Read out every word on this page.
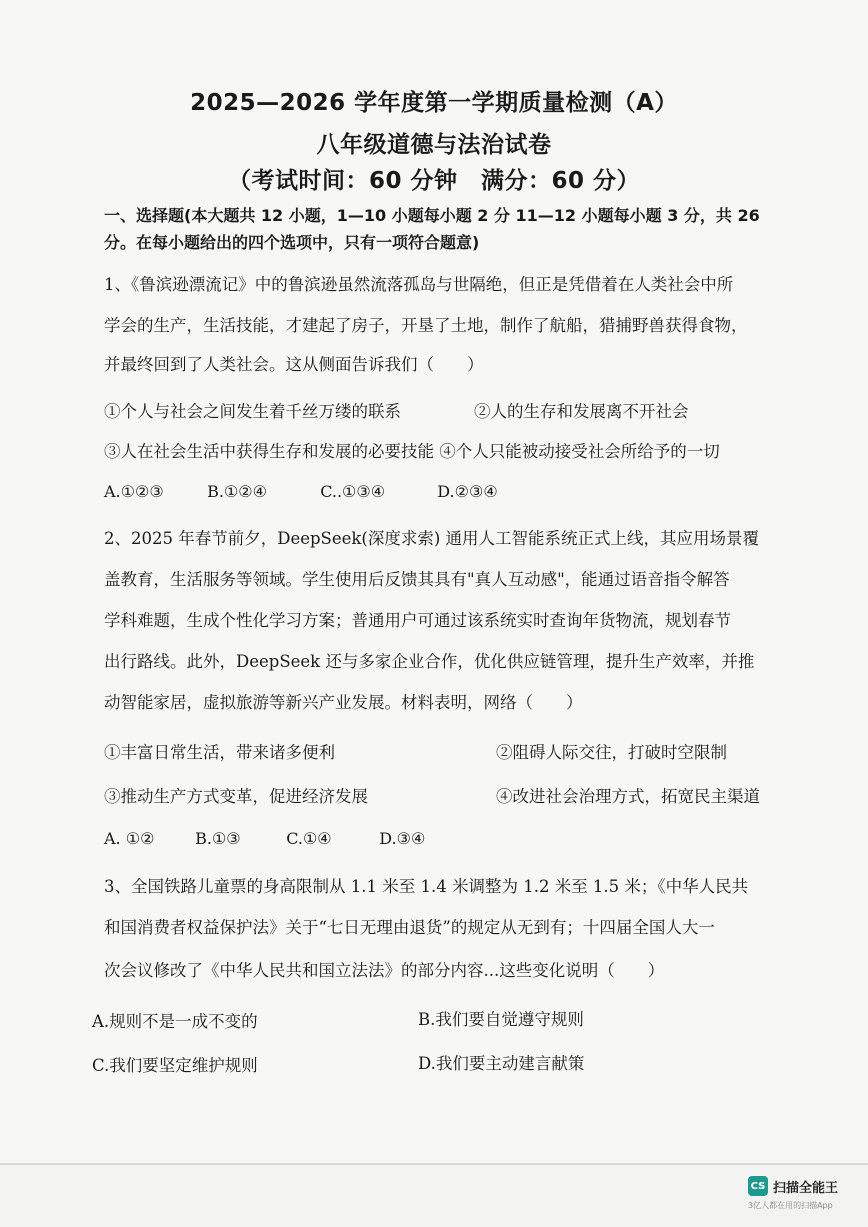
2025—2026 学年度第一学期质量检测（A）
八年级道德与法治试卷
（考试时间：60 分钟　满分：60 分）
一、选择题(本大题共 12 小题，1—10 小题每小题 2 分 11—12 小题每小题 3 分，共 26
分。在每小题给出的四个选项中，只有一项符合题意)
1、《鲁滨逊漂流记》中的鲁滨逊虽然流落孤岛与世隔绝，但正是凭借着在人类社会中所
学会的生产，生活技能，才建起了房子，开垦了土地，制作了航船，猎捕野兽获得食物，
并最终回到了人类社会。这从侧面告诉我们（　　）
①个人与社会之间发生着千丝万缕的联系	②人的生存和发展离不开社会
③人在社会生活中获得生存和发展的必要技能 ④个人只能被动接受社会所给予的一切
A.①②③	B.①②④	C..①③④	D.②③④
2、2025 年春节前夕，DeepSeek(深度求索) 通用人工智能系统正式上线，其应用场景覆
盖教育，生活服务等领域。学生使用后反馈其具有"真人互动感"，能通过语音指令解答
学科难题，生成个性化学习方案；普通用户可通过该系统实时查询年货物流，规划春节
出行路线。此外，DeepSeek 还与多家企业合作，优化供应链管理，提升生产效率，并推
动智能家居，虚拟旅游等新兴产业发展。材料表明，网络（　　）
①丰富日常生活，带来诸多便利	②阻碍人际交往，打破时空限制
③推动生产方式变革，促进经济发展	④改进社会治理方式，拓宽民主渠道
A. ①②	B.①③	C.①④	D.③④
3、全国铁路儿童票的身高限制从 1.1 米至 1.4 米调整为 1.2 米至 1.5 米；《中华人民共
和国消费者权益保护法》关于“七日无理由退货”的规定从无到有；十四届全国人大一
次会议修改了《中华人民共和国立法法》的部分内容...这些变化说明（　　）
A.规则不是一成不变的	B.我们要自觉遵守规则
C.我们要坚定维护规则	D.我们要主动建言献策
CS 扫描全能王
3亿人都在用的扫描App
